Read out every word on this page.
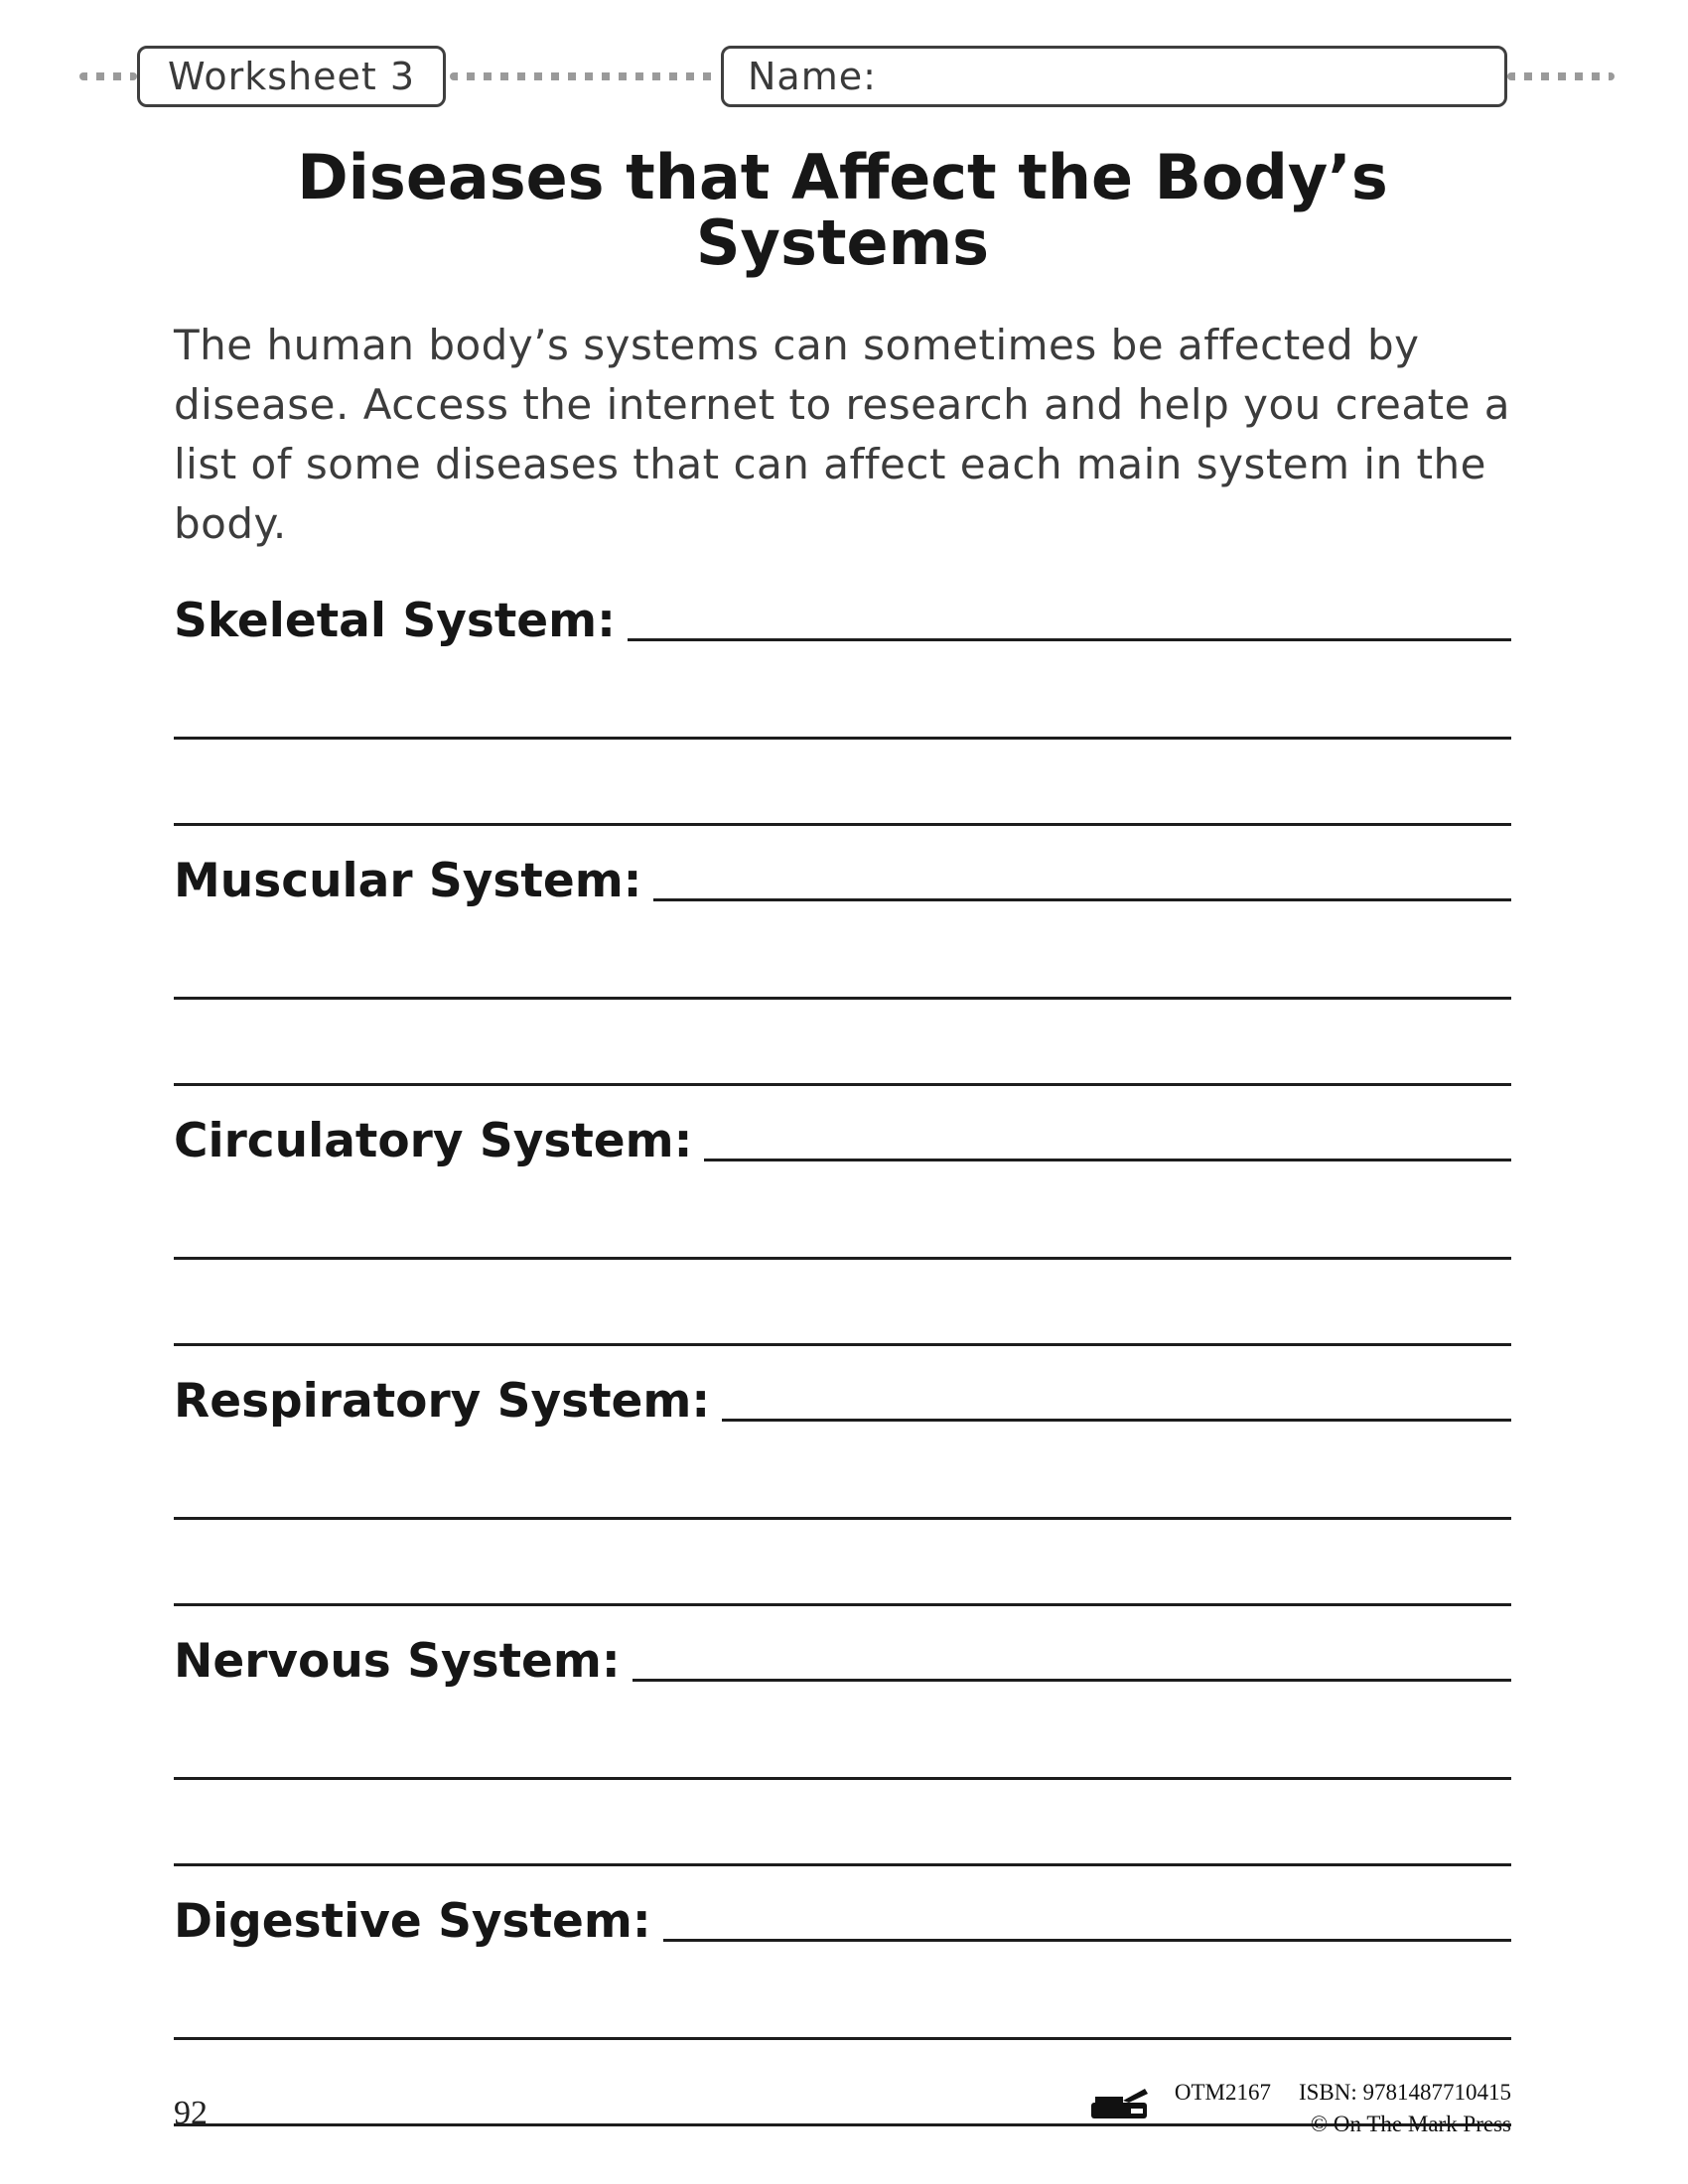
Worksheet 3	Name:
Diseases that Affect the Body’s Systems

The human body’s systems can sometimes be affected by disease. Access the internet to research and help you create a list of some diseases that can affect each main system in the body.

Skeletal System:
Muscular System:
Circulatory System:
Respiratory System:
Nervous System:
Digestive System:
92
OTM2167 ISBN: 9781487710415
© On The Mark Press
